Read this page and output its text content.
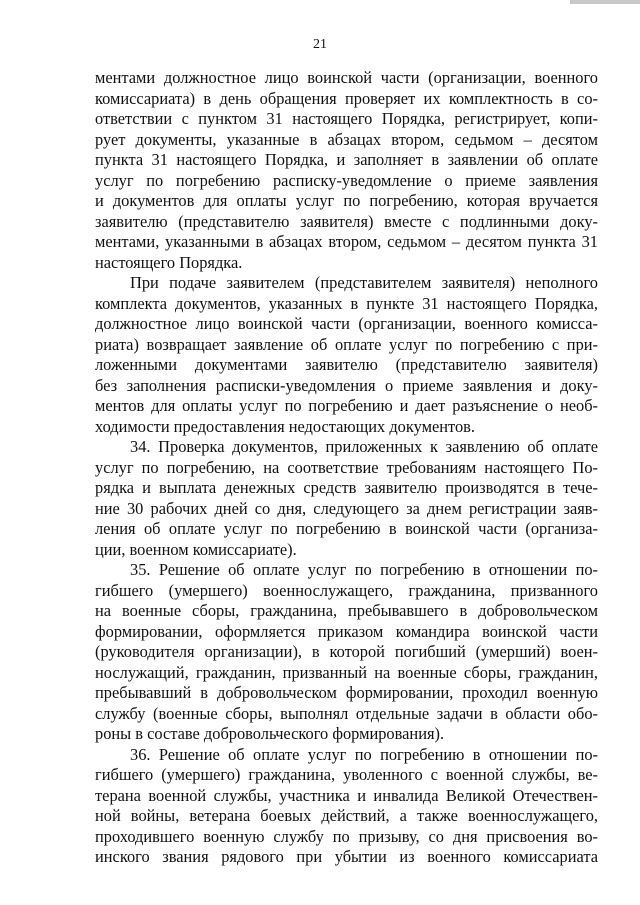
21

ментами должностное лицо воинской части (организации, военного
комиссариата) в день обращения проверяет их комплектность в со-
ответствии с пунктом 31 настоящего Порядка, регистрирует, копи-
рует документы, указанные в абзацах втором, седьмом – десятом
пункта 31 настоящего Порядка, и заполняет в заявлении об оплате
услуг по погребению расписку-уведомление о приеме заявления
и документов для оплаты услуг по погребению, которая вручается
заявителю (представителю заявителя) вместе с подлинными доку-
ментами, указанными в абзацах втором, седьмом – десятом пункта 31
настоящего Порядка.

При подаче заявителем (представителем заявителя) неполного
комплекта документов, указанных в пункте 31 настоящего Порядка,
должностное лицо воинской части (организации, военного комисса-
риата) возвращает заявление об оплате услуг по погребению с при-
ложенными документами заявителю (представителю заявителя)
без заполнения расписки-уведомления о приеме заявления и доку-
ментов для оплаты услуг по погребению и дает разъяснение о необ-
ходимости предоставления недостающих документов.

34. Проверка документов, приложенных к заявлению об оплате
услуг по погребению, на соответствие требованиям настоящего По-
рядка и выплата денежных средств заявителю производятся в тече-
ние 30 рабочих дней со дня, следующего за днем регистрации заяв-
ления об оплате услуг по погребению в воинской части (организа-
ции, военном комиссариате).

35. Решение об оплате услуг по погребению в отношении по-
гибшего (умершего) военнослужащего, гражданина, призванного
на военные сборы, гражданина, пребывавшего в добровольческом
формировании, оформляется приказом командира воинской части
(руководителя организации), в которой погибший (умерший) воен-
нослужащий, гражданин, призванный на военные сборы, гражданин,
пребывавший в добровольческом формировании, проходил военную
службу (военные сборы, выполнял отдельные задачи в области обо-
роны в составе добровольческого формирования).

36. Решение об оплате услуг по погребению в отношении по-
гибшего (умершего) гражданина, уволенного с военной службы, ве-
терана военной службы, участника и инвалида Великой Отечествен-
ной войны, ветерана боевых действий, а также военнослужащего,
проходившего военную службу по призыву, со дня присвоения во-
инского звания рядового при убытии из военного комиссариата
